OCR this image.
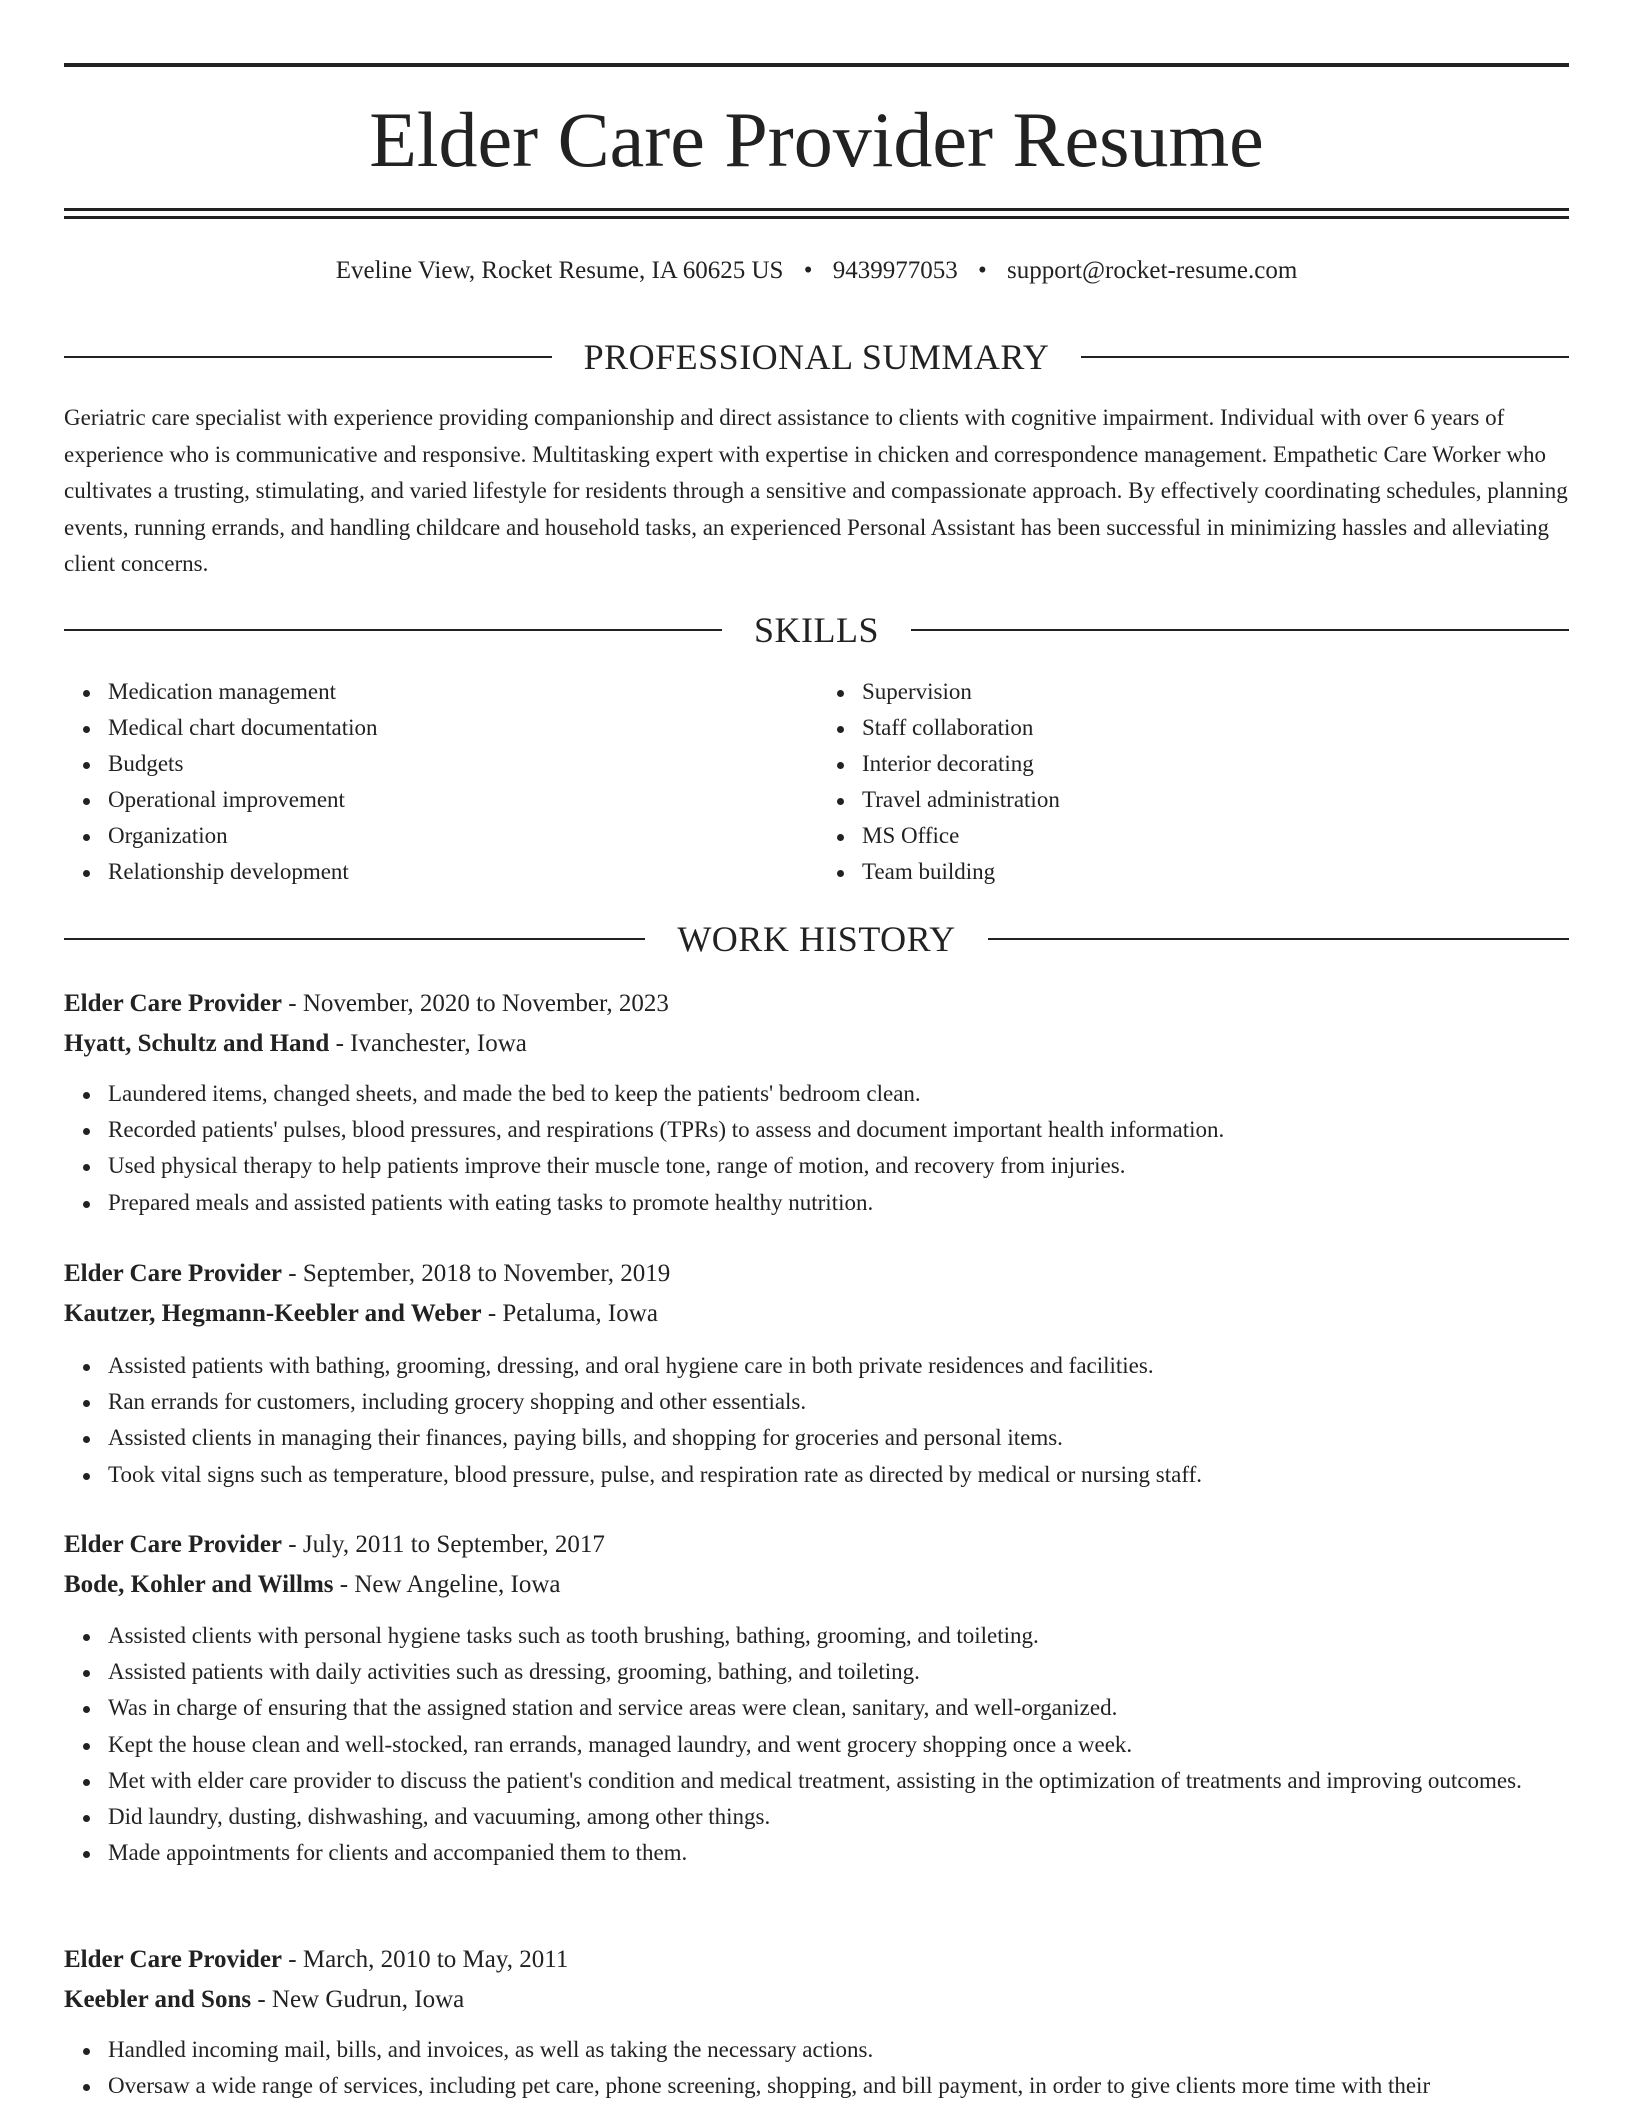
Elder Care Provider Resume
Eveline View, Rocket Resume, IA 60625 US • 9439977053 • support@rocket-resume.com
PROFESSIONAL SUMMARY

Geriatric care specialist with experience providing companionship and direct assistance to clients with cognitive impairment. Individual with over 6 years of experience who is communicative and responsive. Multitasking expert with expertise in chicken and correspondence management. Empathetic Care Worker who cultivates a trusting, stimulating, and varied lifestyle for residents through a sensitive and compassionate approach. By effectively coordinating schedules, planning events, running errands, and handling childcare and household tasks, an experienced Personal Assistant has been successful in minimizing hassles and alleviating client concerns.

SKILLS
Medication management
Medical chart documentation
Budgets
Operational improvement
Organization
Relationship development
Supervision
Staff collaboration
Interior decorating
Travel administration
MS Office
Team building
WORK HISTORY
Elder Care Provider - November, 2020 to November, 2023
Hyatt, Schultz and Hand - Ivanchester, Iowa
Laundered items, changed sheets, and made the bed to keep the patients' bedroom clean.
Recorded patients' pulses, blood pressures, and respirations (TPRs) to assess and document important health information.
Used physical therapy to help patients improve their muscle tone, range of motion, and recovery from injuries.
Prepared meals and assisted patients with eating tasks to promote healthy nutrition.
Elder Care Provider - September, 2018 to November, 2019
Kautzer, Hegmann-Keebler and Weber - Petaluma, Iowa
Assisted patients with bathing, grooming, dressing, and oral hygiene care in both private residences and facilities.
Ran errands for customers, including grocery shopping and other essentials.
Assisted clients in managing their finances, paying bills, and shopping for groceries and personal items.
Took vital signs such as temperature, blood pressure, pulse, and respiration rate as directed by medical or nursing staff.
Elder Care Provider - July, 2011 to September, 2017
Bode, Kohler and Willms - New Angeline, Iowa
Assisted clients with personal hygiene tasks such as tooth brushing, bathing, grooming, and toileting.
Assisted patients with daily activities such as dressing, grooming, bathing, and toileting.
Was in charge of ensuring that the assigned station and service areas were clean, sanitary, and well-organized.
Kept the house clean and well-stocked, ran errands, managed laundry, and went grocery shopping once a week.
Met with elder care provider to discuss the patient's condition and medical treatment, assisting in the optimization of treatments and improving outcomes.
Did laundry, dusting, dishwashing, and vacuuming, among other things.
Made appointments for clients and accompanied them to them.
Elder Care Provider - March, 2010 to May, 2011
Keebler and Sons - New Gudrun, Iowa
Handled incoming mail, bills, and invoices, as well as taking the necessary actions.
Oversaw a wide range of services, including pet care, phone screening, shopping, and bill payment, in order to give clients more time with their
